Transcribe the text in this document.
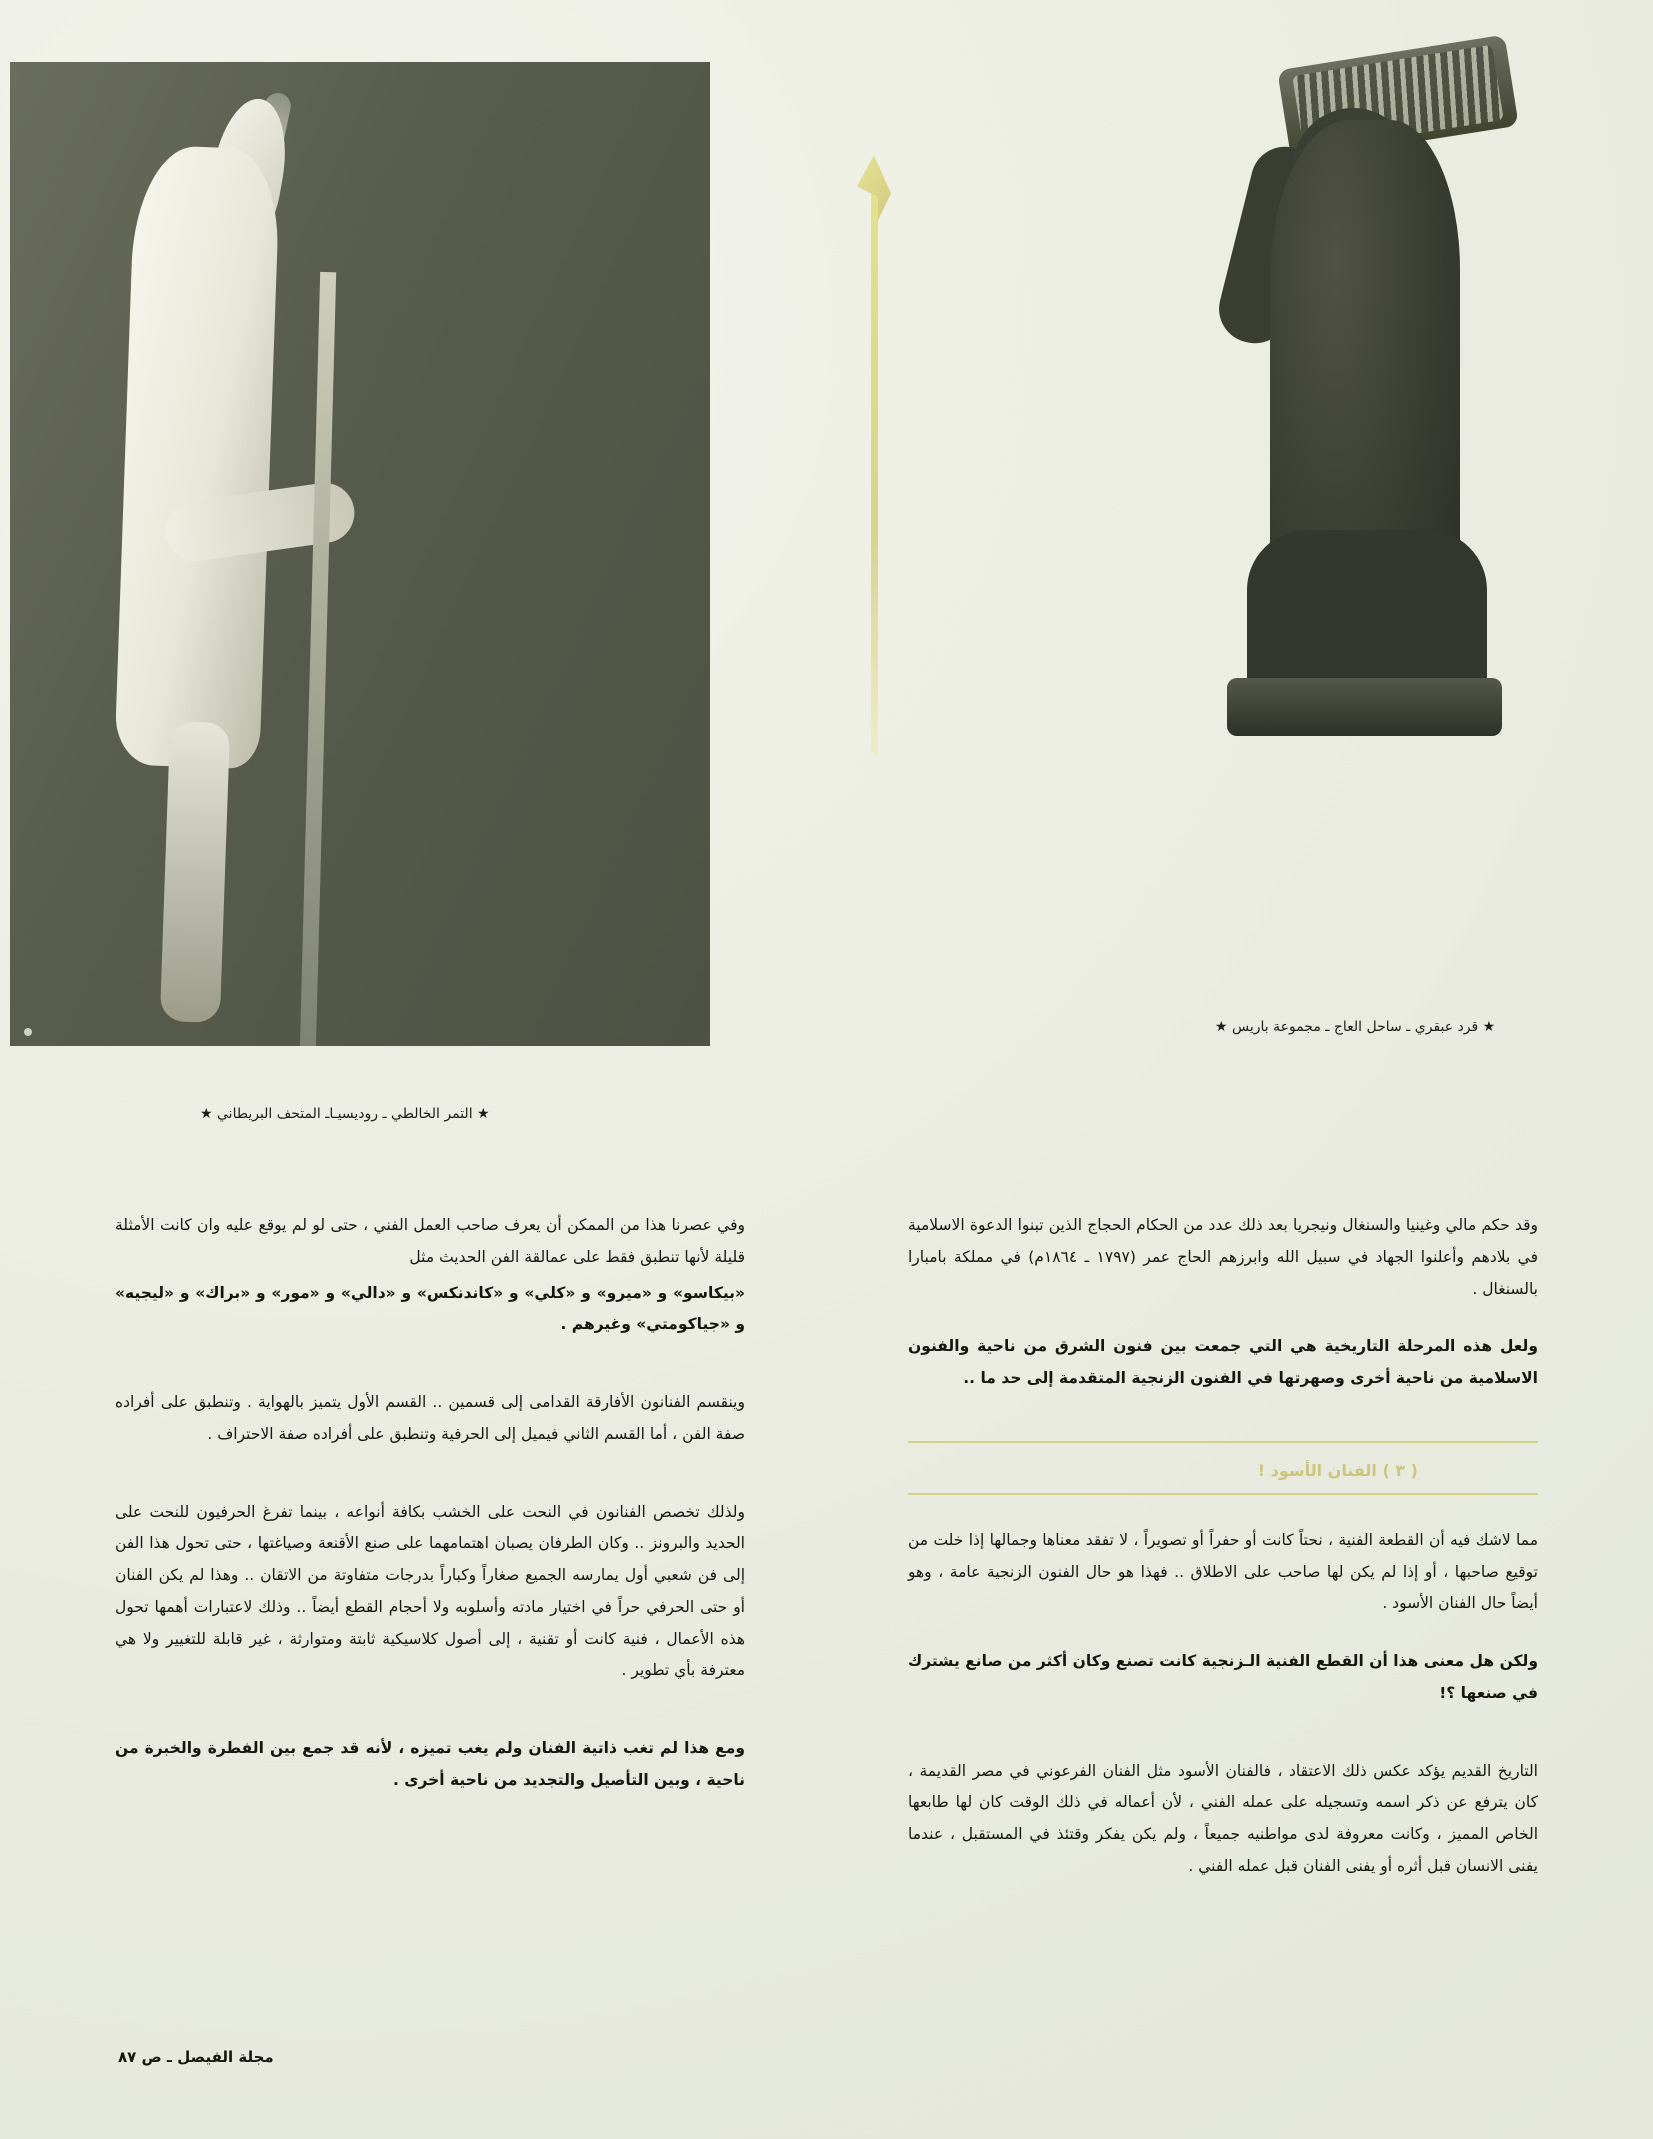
★ التمر الخالطي ـ روديسيـاـ المتحف البريطاني ★
★ قرد عبقري ـ ساحل العاج ـ مجموعة باريس ★

وقد حكم مالي وغينيا والسنغال ونيجريا بعد ذلك عدد من الحكام الحجاج الذين تبنوا الدعوة الاسلامية في بلادهم وأعلنوا الجهاد في سبيل الله وابرزهم الحاج عمر (١٧٩٧ ـ ١٨٦٤م) في مملكة بامبارا بالسنغال .

ولعل هذه المرحلة التاريخية هي التي جمعت بين فنون الشرق من ناحية والفنون الاسلامية من ناحية أخرى وصهرتها في الفنون الزنجية المتقدمة إلى حد ما ..

( ٣ ) الفنان الأسود !

مما لاشك فيه أن القطعة الفنية ، نحتاً كانت أو حفراً أو تصويراً ، لا تفقد معناها وجمالها إذا خلت من توقيع صاحبها ، أو إذا لم يكن لها صاحب على الاطلاق .. فهذا هو حال الفنون الزنجية عامة ، وهو أيضاً حال الفنان الأسود .

ولكن هل معنى هذا أن القطع الفنية الـزنجية كانت تصنع وكان أكثر من صانع يشترك في صنعها ؟!

التاريخ القديم يؤكد عكس ذلك الاعتقاد ، فالفنان الأسود مثل الفنان الفرعوني في مصر القديمة ، كان يترفع عن ذكر اسمه وتسجيله على عمله الفني ، لأن أعماله في ذلك الوقت كان لها طابعها الخاص المميز ، وكانت معروفة لدى مواطنيه جميعاً ، ولم يكن يفكر وقتئذ في المستقبل ، عندما يفنى الانسان قبل أثره أو يفنى الفنان قبل عمله الفني .

وفي عصرنا هذا من الممكن أن يعرف صاحب العمل الفني ، حتى لو لم يوقع عليه وان كانت الأمثلة قليلة لأنها تنطبق فقط على عمالقة الفن الحديث مثل

«بيكاسو» و «ميرو» و «كلي» و «كاندنكس» و «دالي» و «مور» و «براك» و «ليجيه» و «جياكومتي» وغيرهم .

وينقسم الفنانون الأفارقة القدامى إلى قسمين .. القسم الأول يتميز بالهواية . وتنطبق على أفراده صفة الفن ، أما القسم الثاني فيميل إلى الحرفية وتنطبق على أفراده صفة الاحتراف .

ولذلك تخصص الفنانون في النحت على الخشب بكافة أنواعه ، بينما تفرغ الحرفيون للنحت على الحديد والبرونز .. وكان الطرفان يصبان اهتمامهما على صنع الأقنعة وصياغتها ، حتى تحول هذا الفن إلى فن شعبي أول يمارسه الجميع صغاراً وكباراً بدرجات متفاوتة من الاتقان .. وهذا لم يكن الفنان أو حتى الحرفي حراً في اختيار مادته وأسلوبه ولا أحجام القطع أيضاً .. وذلك لاعتبارات أهمها تحول هذه الأعمال ، فنية كانت أو تقنية ، إلى أصول كلاسيكية ثابتة ومتوارثة ، غير قابلة للتغيير ولا هي معترفة بأي تطوير .

ومع هذا لم تغب ذاتية الفنان ولم يغب تميزه ، لأنه قد جمع بين الفطرة والخبرة من ناحية ، وبين التأصيل والتجديد من ناحية أخرى .

مجلة الفيصل ـ ص ٨٧
